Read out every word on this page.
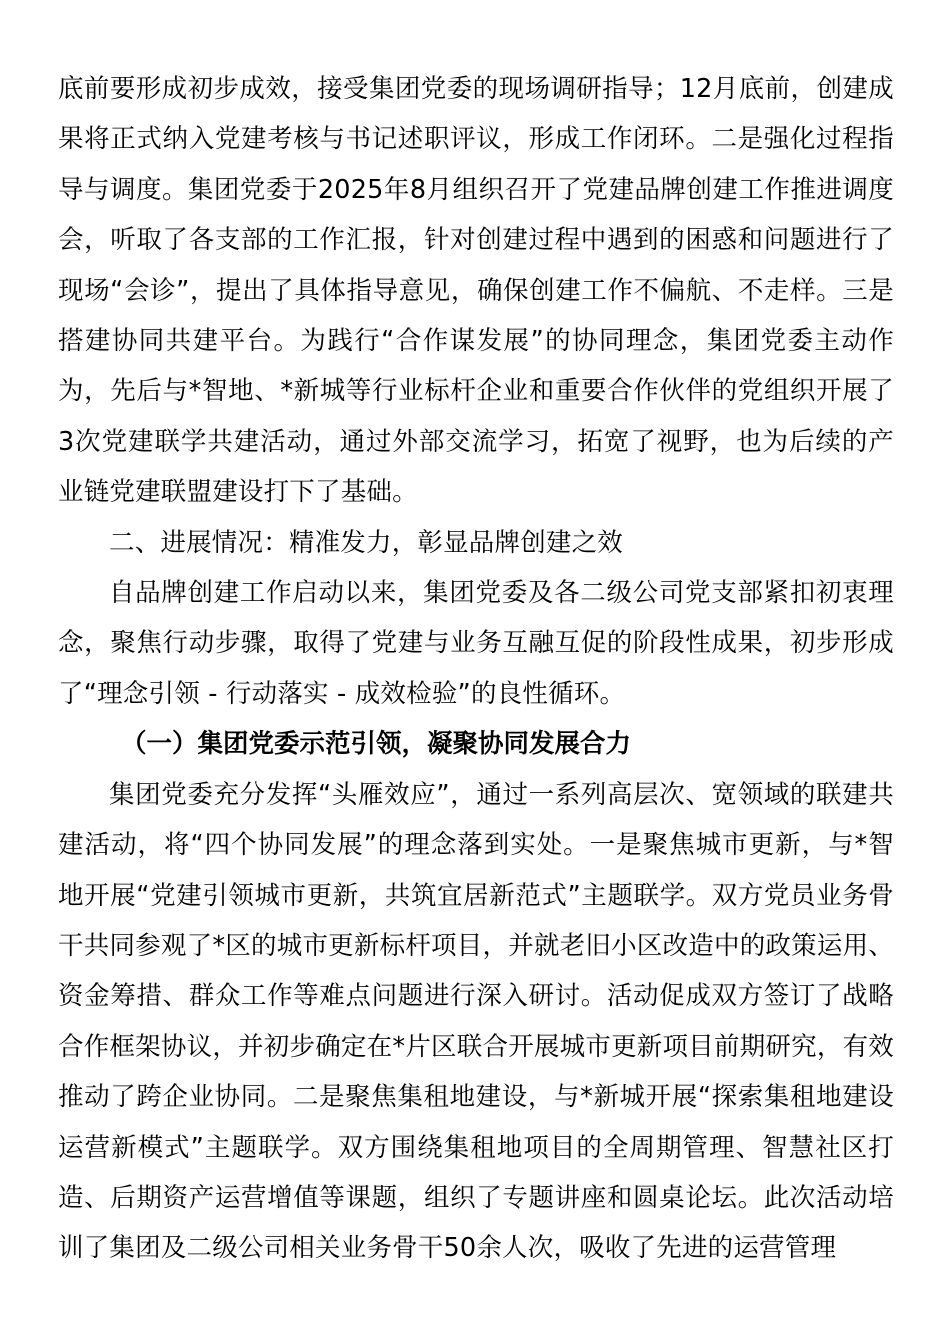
底前要形成初步成效，接受集团党委的现场调研指导；12月底前，创建成果将正式纳入党建考核与书记述职评议，形成工作闭环。二是强化过程指导与调度。集团党委于2025年8月组织召开了党建品牌创建工作推进调度会，听取了各支部的工作汇报，针对创建过程中遇到的困惑和问题进行了现场“会诊”，提出了具体指导意见，确保创建工作不偏航、不走样。三是搭建协同共建平台。为践行“合作谋发展”的协同理念，集团党委主动作为，先后与*智地、*新城等行业标杆企业和重要合作伙伴的党组织开展了3次党建联学共建活动，通过外部交流学习，拓宽了视野，也为后续的产业链党建联盟建设打下了基础。

二、进展情况：精准发力，彰显品牌创建之效

自品牌创建工作启动以来，集团党委及各二级公司党支部紧扣初衷理念，聚焦行动步骤，取得了党建与业务互融互促的阶段性成果，初步形成了“理念引领 - 行动落实 - 成效检验”的良性循环。

（一）集团党委示范引领，凝聚协同发展合力

集团党委充分发挥“头雁效应”，通过一系列高层次、宽领域的联建共建活动，将“四个协同发展”的理念落到实处。一是聚焦城市更新，与*智地开展“党建引领城市更新，共筑宜居新范式”主题联学。双方党员业务骨干共同参观了*区的城市更新标杆项目，并就老旧小区改造中的政策运用、资金筹措、群众工作等难点问题进行深入研讨。活动促成双方签订了战略合作框架协议，并初步确定在*片区联合开展城市更新项目前期研究，有效推动了跨企业协同。二是聚焦集租地建设，与*新城开展“探索集租地建设运营新模式”主题联学。双方围绕集租地项目的全周期管理、智慧社区打造、后期资产运营增值等课题，组织了专题讲座和圆桌论坛。此次活动培训了集团及二级公司相关业务骨干50余人次，吸收了先进的运营管理
